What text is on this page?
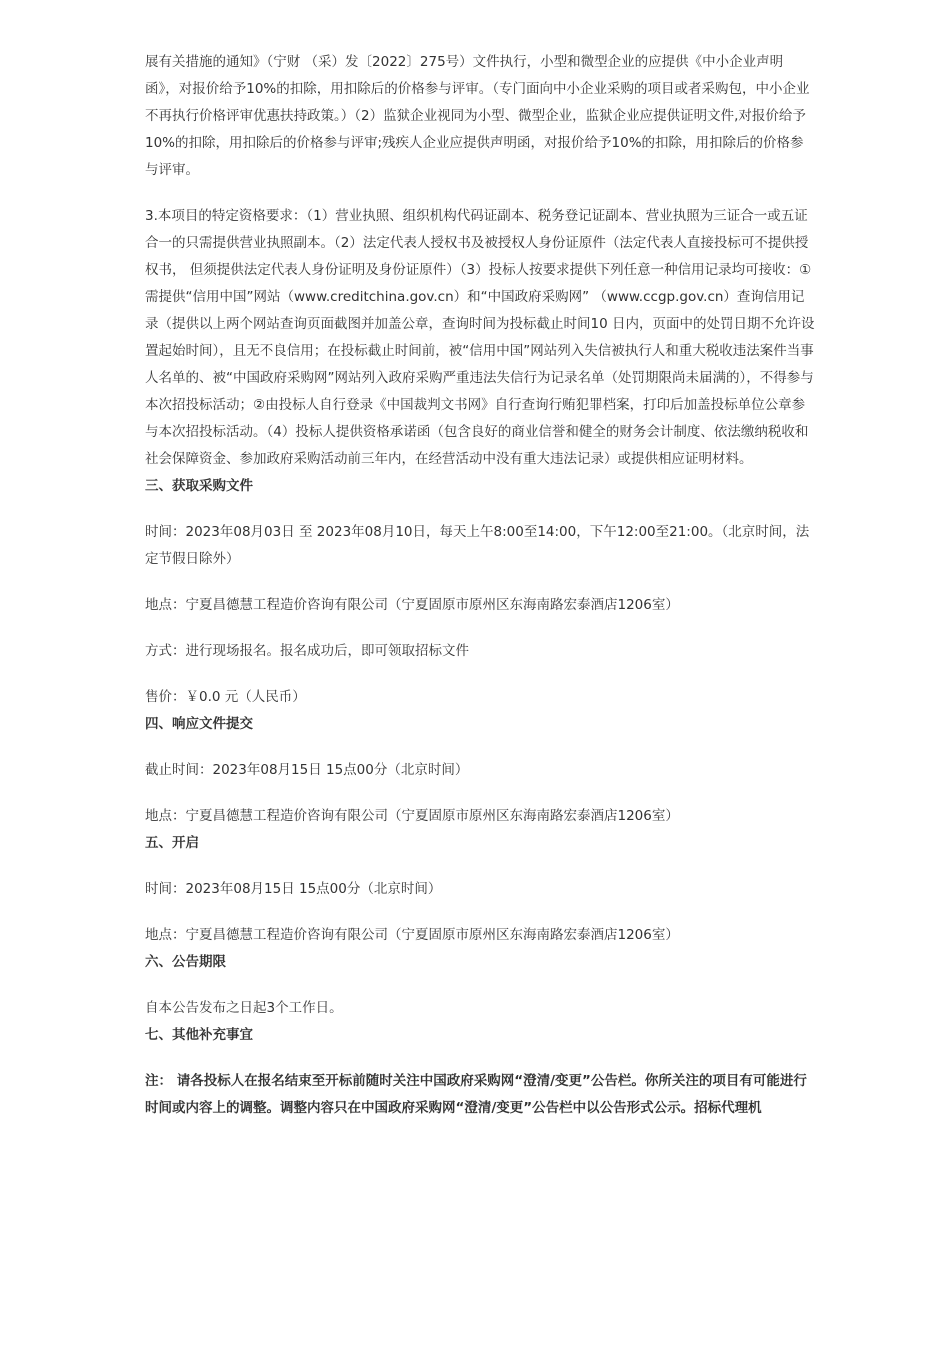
展有关措施的通知》（宁财 （采）发〔2022〕275号）文件执行，小型和微型企业的应提供《中小企业声明函》，对报价给予10%的扣除，用扣除后的价格参与评审。（专门面向中小企业采购的项目或者采购包，中小企业不再执行价格评审优惠扶持政策。）（2）监狱企业视同为小型、微型企业，监狱企业应提供证明文件,对报价给予10%的扣除，用扣除后的价格参与评审;残疾人企业应提供声明函，对报价给予10%的扣除，用扣除后的价格参与评审。

3.本项目的特定资格要求：（1）营业执照、组织机构代码证副本、税务登记证副本、营业执照为三证合一或五证合一的只需提供营业执照副本。（2）法定代表人授权书及被授权人身份证原件（法定代表人直接投标可不提供授权书， 但须提供法定代表人身份证明及身份证原件）（3）投标人按要求提供下列任意一种信用记录均可接收：①需提供“信用中国”网站（www.creditchina.gov.cn）和“中国政府采购网” （www.ccgp.gov.cn）查询信用记录（提供以上两个网站查询页面截图并加盖公章，查询时间为投标截止时间10 日内，页面中的处罚日期不允许设置起始时间），且无不良信用；在投标截止时间前，被“信用中国”网站列入失信被执行人和重大税收违法案件当事人名单的、被“中国政府采购网”网站列入政府采购严重违法失信行为记录名单（处罚期限尚未届满的），不得参与本次招投标活动；②由投标人自行登录《中国裁判文书网》自行查询行贿犯罪档案，打印后加盖投标单位公章参与本次招投标活动。（4）投标人提供资格承诺函（包含良好的商业信誉和健全的财务会计制度、依法缴纳税收和社会保障资金、参加政府采购活动前三年内，在经营活动中没有重大违法记录）或提供相应证明材料。

三、获取采购文件

时间：2023年08月03日 至 2023年08月10日，每天上午8:00至14:00，下午12:00至21:00。（北京时间，法定节假日除外）

地点：宁夏昌德慧工程造价咨询有限公司（宁夏固原市原州区东海南路宏泰酒店1206室）

方式：进行现场报名。报名成功后，即可领取招标文件

售价：￥0.0 元（人民币）

四、响应文件提交

截止时间：2023年08月15日 15点00分（北京时间）

地点：宁夏昌德慧工程造价咨询有限公司（宁夏固原市原州区东海南路宏泰酒店1206室）

五、开启

时间：2023年08月15日 15点00分（北京时间）

地点：宁夏昌德慧工程造价咨询有限公司（宁夏固原市原州区东海南路宏泰酒店1206室）

六、公告期限

自本公告发布之日起3个工作日。

七、其他补充事宜

注： 请各投标人在报名结束至开标前随时关注中国政府采购网“澄清/变更”公告栏。你所关注的项目有可能进行时间或内容上的调整。调整内容只在中国政府采购网“澄清/变更”公告栏中以公告形式公示。招标代理机
